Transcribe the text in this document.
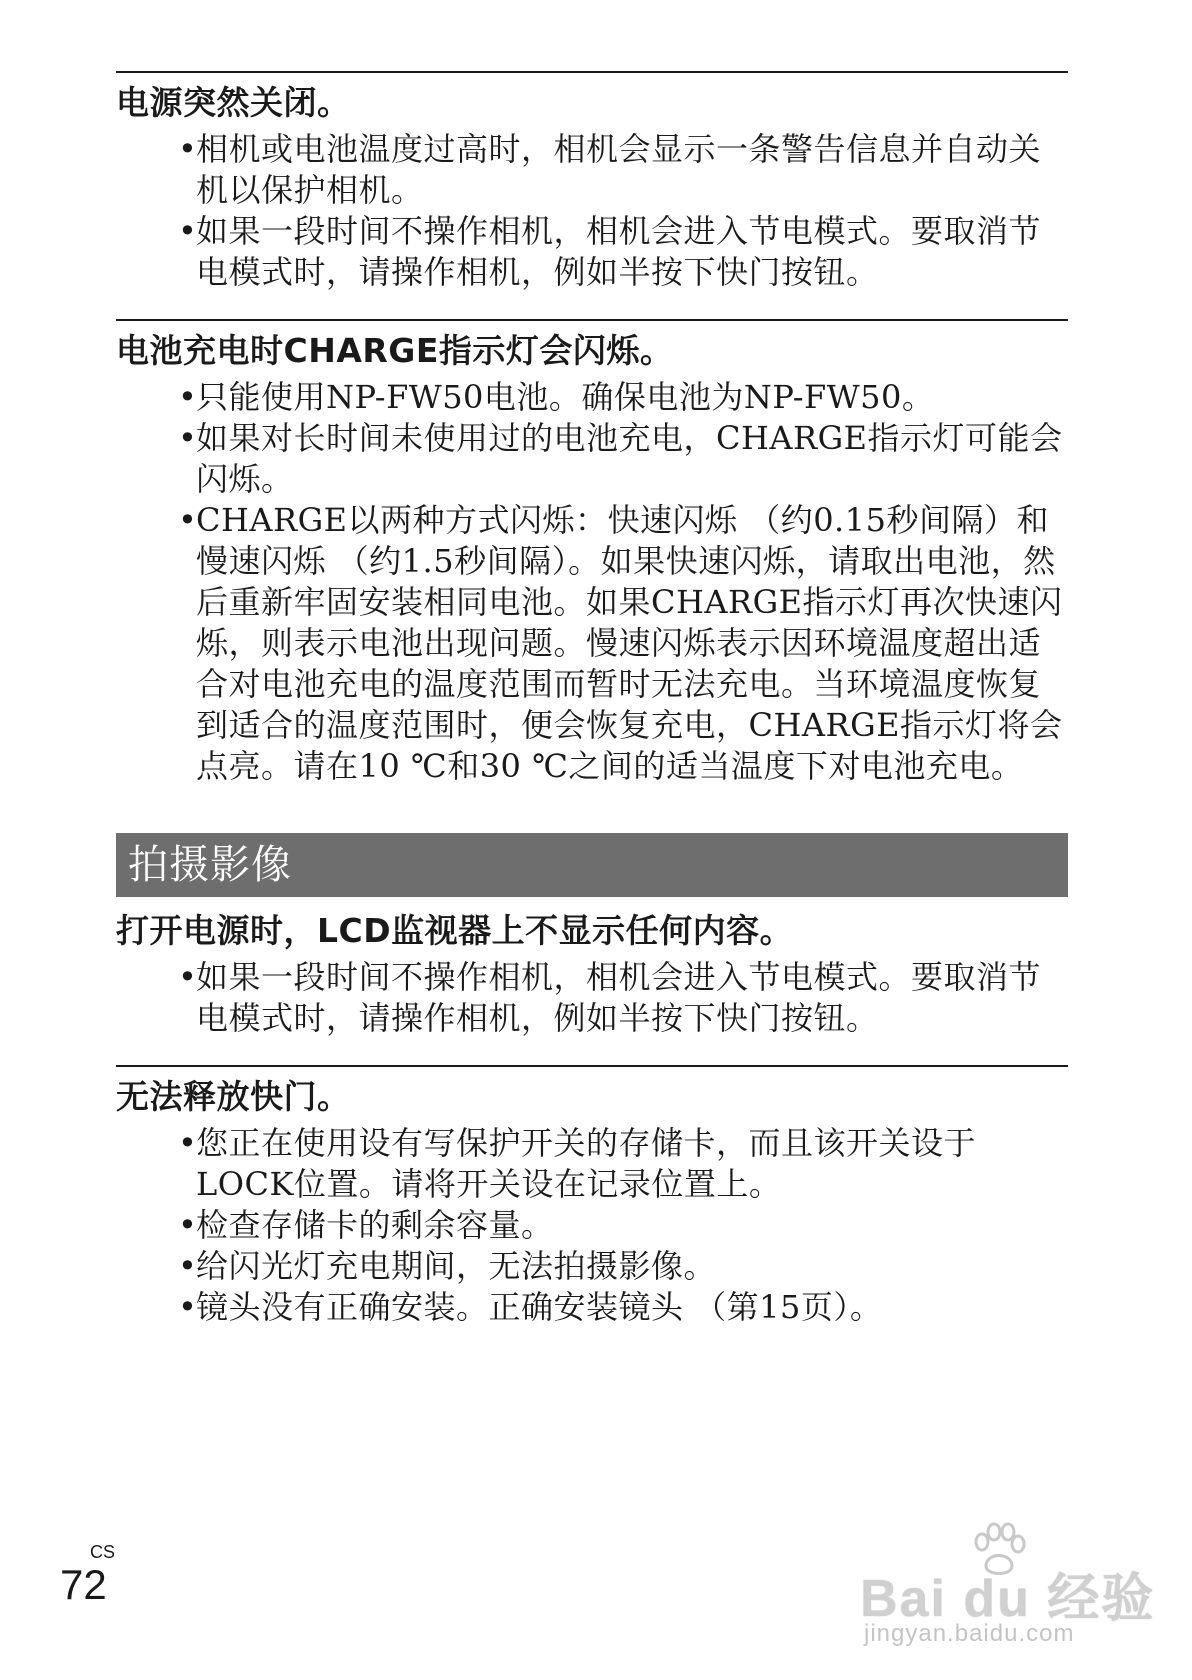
电源突然关闭。
•
相机或电池温度过高时，相机会显示一条警告信息并自动关机以保护相机。
•
如果一段时间不操作相机，相机会进入节电模式。要取消节电模式时，请操作相机，例如半按下快门按钮。
电池充电时CHARGE指示灯会闪烁。
•
只能使用NP-FW50电池。确保电池为NP-FW50。
•
如果对长时间未使用过的电池充电，CHARGE指示灯可能会闪烁。
•
CHARGE以两种方式闪烁：快速闪烁 （约0.15秒间隔）和慢速闪烁 （约1.5秒间隔）。如果快速闪烁，请取出电池，然后重新牢固安装相同电池。如果CHARGE指示灯再次快速闪烁，则表示电池出现问题。慢速闪烁表示因环境温度超出适合对电池充电的温度范围而暂时无法充电。当环境温度恢复到适合的温度范围时，便会恢复充电，CHARGE指示灯将会点亮。请在10 ℃和30 ℃之间的适当温度下对电池充电。
拍摄影像
打开电源时，LCD监视器上不显示任何内容。
•
如果一段时间不操作相机，相机会进入节电模式。要取消节电模式时，请操作相机，例如半按下快门按钮。
无法释放快门。
•
您正在使用设有写保护开关的存储卡，而且该开关设于LOCK位置。请将开关设在记录位置上。
•
检查存储卡的剩余容量。
•
给闪光灯充电期间，无法拍摄影像。
•
镜头没有正确安装。正确安装镜头 （第15页）。
CS
72	Bai du 经验
jingyan.baidu.com
